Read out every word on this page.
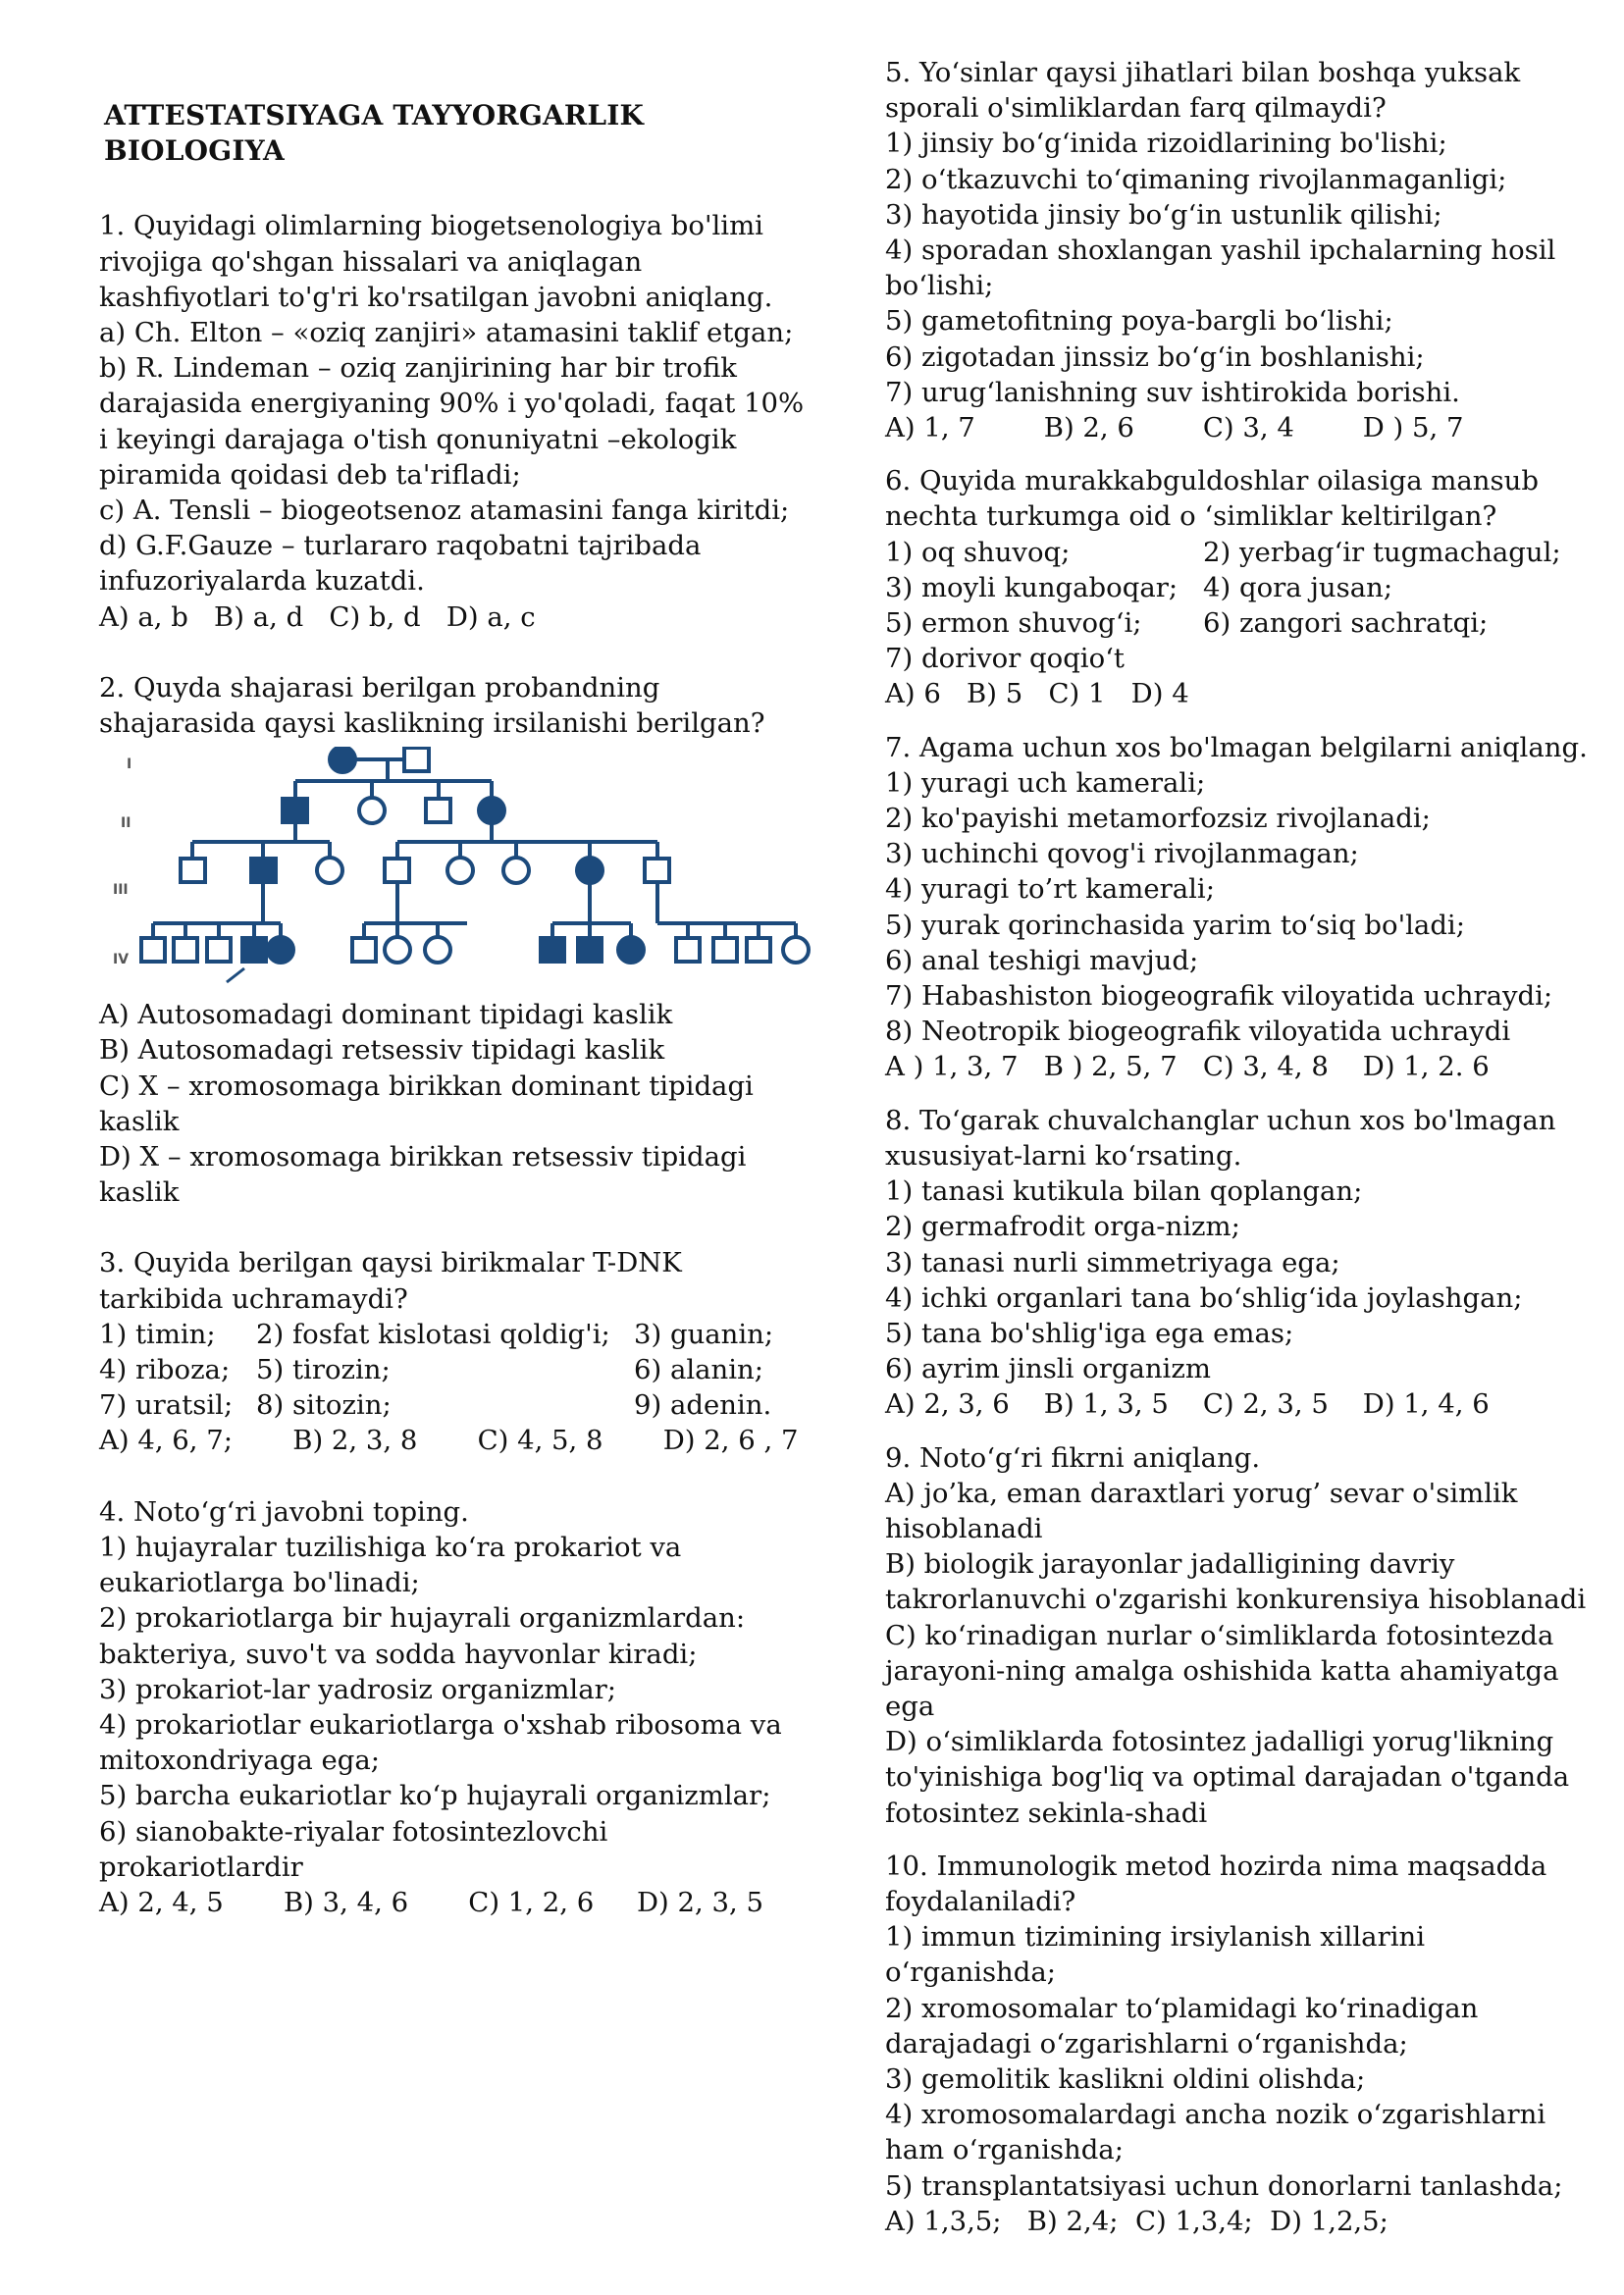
ATTESTATSIYAGA TAYYORGARLIK BIOLOGIYA

1. Quyidagi olimlarning biogetsenologiya bo'limi rivojiga qo'shgan hissalari va aniqlagan kashfiyotlari to'g'ri ko'rsatilgan javobni aniqlang.

a) Ch. Elton – «oziq zanjiri» atamasini taklif etgan;

b) R. Lindeman – oziq zanjirining har bir trofik darajasida energiyaning 90% i yo'qoladi, faqat 10% i keyingi darajaga o'tish qonuniyatni –ekologik piramida qoidasi deb ta'rifladi;

c) A. Tensli – biogeotsenoz atamasini fanga kiritdi;

d) G.F.Gauze – turlararo raqobatni tajribada infuzoriyalarda kuzatdi.

A) a, b   B) a, d   C) b, d   D) a, c

2. Quyda shajarasi berilgan probandning shajarasida qaysi kaslikning irsilanishi berilgan?

I
II
III
IV

A) Autosomadagi dominant tipidagi kaslik

B) Autosomadagi retsessiv tipidagi kaslik

C) X – xromosomaga birikkan dominant tipidagi kaslik

D) X – xromosomaga birikkan retsessiv tipidagi kaslik

3. Quyida berilgan qaysi birikmalar T-DNK tarkibida uchramaydi?

1) timin;	2) fosfat kislotasi qoldig'i; 3) guanin;
4) riboza; 5) tirozin;	6) alanin;
7) uratsil; 8) sitozin;	9) adenin.

A) 4, 6, 7;       B) 2, 3, 8       C) 4, 5, 8       D) 2, 6 , 7

4. Noto‘g‘ri javobni toping.

1) hujayralar tuzilishiga ko‘ra prokariot va eukariotlarga bo'linadi;

2) prokariotlarga bir hujayrali organizmlardan: bakteriya, suvo't va sodda hayvonlar kiradi;

3) prokariot-lar yadrosiz organizmlar;

4) prokariotlar eukariotlarga o'xshab ribosoma va mitoxondriyaga ega;

5) barcha eukariotlar ko‘p hujayrali organizmlar;

6) sianobakte-riyalar fotosintezlovchi prokariotlardir

A) 2, 4, 5       B) 3, 4, 6       C) 1, 2, 6     D) 2, 3, 5

5. Yo‘sinlar qaysi jihatlari bilan boshqa yuksak sporali o'simliklardan farq qilmaydi?

1) jinsiy bo‘g‘inida rizoidlarining bo'lishi;

2) o‘tkazuvchi to‘qimaning rivojlanmaganligi;

3) hayotida jinsiy bo‘g‘in ustunlik qilishi;

4) sporadan shoxlangan yashil ipchalarning hosil bo‘lishi;

5) gametofitning poya-bargli bo‘lishi;

6) zigotadan jinssiz bo‘g‘in boshlanishi;

7) urug‘lanishning suv ishtirokida borishi.

A) 1, 7        B) 2, 6        C) 3, 4        D ) 5, 7

6. Quyida murakkabguldoshlar oilasiga mansub nechta turkumga oid o ‘simliklar keltirilgan?

1) oq shuvoq;	2) yerbag‘ir tugmachagul;
3) moyli kungaboqar; 4) qora jusan;
5) ermon shuvog‘i;	6) zangori sachratqi;
7) dorivor qoqio‘t

A) 6   B) 5   C) 1   D) 4

7. Agama uchun xos bo'lmagan belgilarni aniqlang.

1) yuragi uch kamerali;

2) ko'payishi metamorfozsiz rivojlanadi;

3) uchinchi qovog'i rivojlanmagan;

4) yuragi to’rt kamerali;

5) yurak qorinchasida yarim to‘siq bo'ladi;

6) anal teshigi mavjud;

7) Habashiston biogeografik viloyatida uchraydi;

8) Neotropik biogeografik viloyatida uchraydi

A ) 1, 3, 7   B ) 2, 5, 7   C) 3, 4, 8    D) 1, 2. 6

8. To‘garak chuvalchanglar uchun xos bo'lmagan xususiyat-larni ko‘rsating.

1) tanasi kutikula bilan qoplangan;

2) germafrodit orga-nizm;

3) tanasi nurli simmetriyaga ega;

4) ichki organlari tana bo‘shlig‘ida joylashgan;

5) tana bo'shlig'iga ega emas;

6) ayrim jinsli organizm

A) 2, 3, 6    B) 1, 3, 5    C) 2, 3, 5    D) 1, 4, 6

9. Noto‘g‘ri fikrni aniqlang.

A) jo’ka, eman daraxtlari yorug’ sevar o'simlik hisoblanadi

B) biologik jarayonlar jadalligining davriy takrorlanuvchi o'zgarishi konkurensiya hisoblanadi

C) ko‘rinadigan nurlar o‘simliklarda fotosintezda jarayoni-ning amalga oshishida katta ahamiyatga ega

D) o‘simliklarda fotosintez jadalligi yorug'likning to'yinishiga bog'liq va optimal darajadan o'tganda fotosintez sekinla-shadi

10. Immunologik metod hozirda nima maqsadda foydalaniladi?

1) immun tizimining irsiylanish xillarini o‘rganishda;

2) xromosomalar to‘plamidagi ko‘rinadigan darajadagi o‘zgarishlarni o‘rganishda;

3) gemolitik kaslikni oldini olishda;

4) xromosomalardagi ancha nozik o‘zgarishlarni ham o‘rganishda;

5) transplantatsiyasi uchun donorlarni tanlashda;

A) 1,3,5;   B) 2,4;  C) 1,3,4;  D) 1,2,5;
